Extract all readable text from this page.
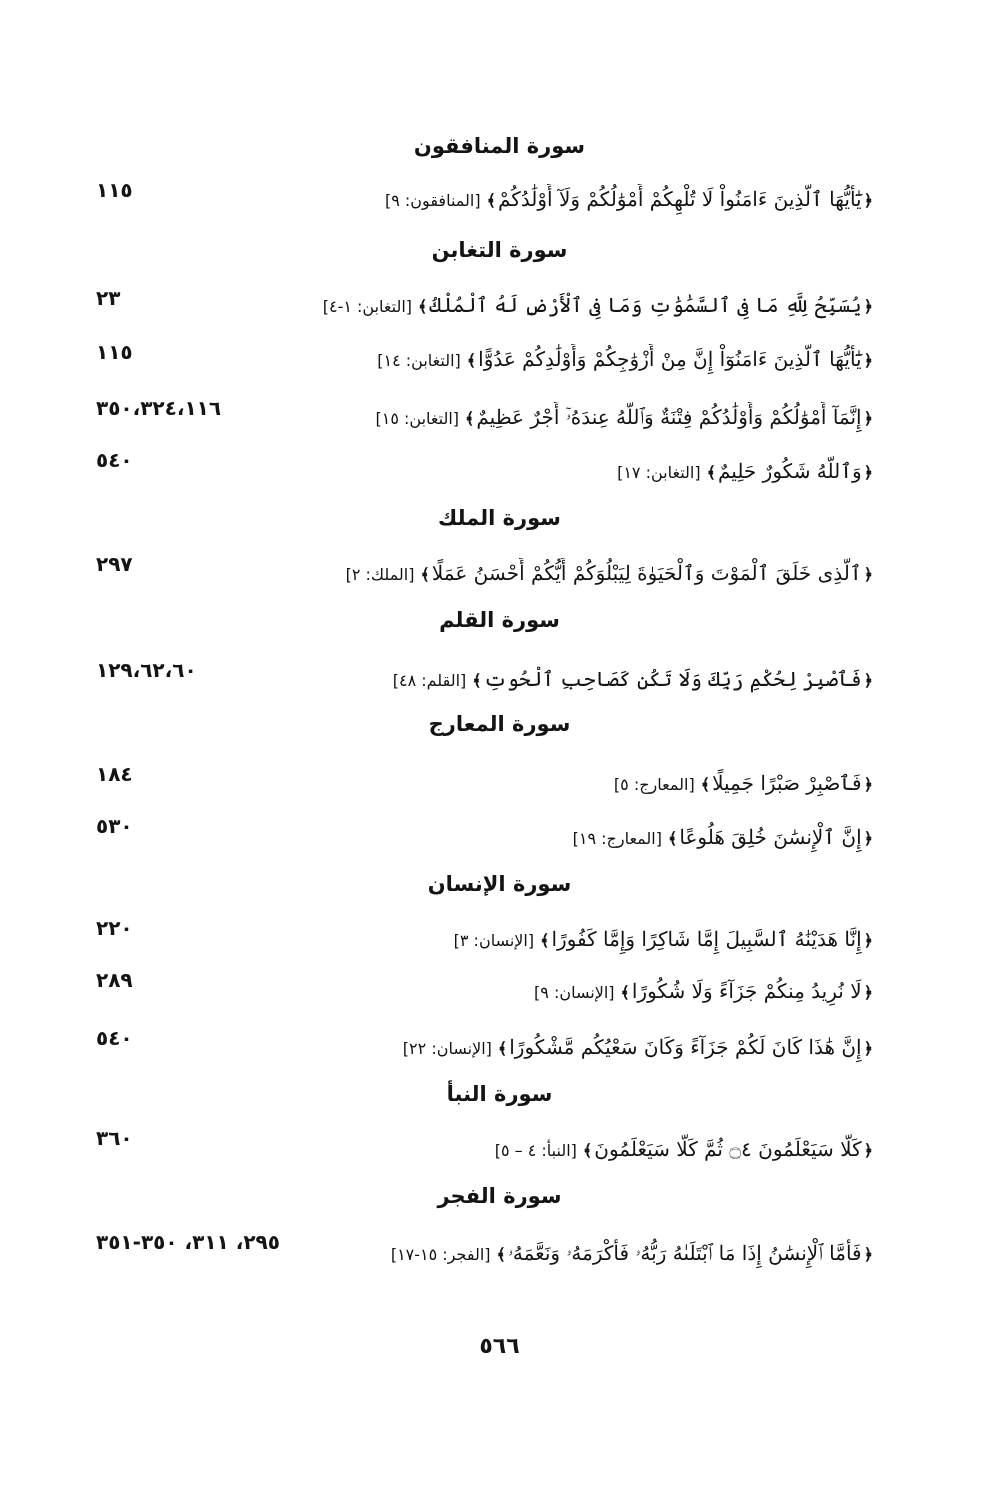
سورة المنافقون
﴿يَٰٓأَيُّهَا ٱلَّذِينَ ءَامَنُواْ لَا تُلْهِكُمْ أَمْوَٰلُكُمْ وَلَآ أَوْلَٰدُكُمْ﴾[المنافقون: ٩]
١١٥
سورة التغابن
﴿يُسَبِّحُ لِلَّهِ مَا فِى ٱلسَّمَٰوَٰتِ وَمَا فِى ٱلْأَرْضِ لَهُ ٱلْمُلْكُ﴾[التغابن: ١-٤]
٢٣
﴿يَٰٓأَيُّهَا ٱلَّذِينَ ءَامَنُوٓاْ إِنَّ مِنْ أَزْوَٰجِكُمْ وَأَوْلَٰدِكُمْ عَدُوًّا﴾[التغابن: ١٤]
١١٥
﴿إِنَّمَآ أَمْوَٰلُكُمْ وَأَوْلَٰدُكُمْ فِتْنَةٌ وَٱللَّهُ عِندَهُۥٓ أَجْرٌ عَظِيمٌ﴾[التغابن: ١٥]
٣٥٠،٣٢٤،١١٦
﴿وَٱللَّهُ شَكُورٌ حَلِيمٌ﴾[التغابن: ١٧]
٥٤٠
سورة الملك
﴿ٱلَّذِى خَلَقَ ٱلْمَوْتَ وَٱلْحَيَوٰةَ لِيَبْلُوَكُمْ أَيُّكُمْ أَحْسَنُ عَمَلًا﴾[الملك: ٢]
٢٩٧
سورة القلم
﴿فَٱصْبِرْ لِحُكْمِ رَبِّكَ وَلَا تَكُن كَصَاحِبِ ٱلْحُوتِ﴾[القلم: ٤٨]
١٢٩،٦٢،٦٠
سورة المعارج
﴿فَٱصْبِرْ صَبْرًا جَمِيلًا﴾[المعارج: ٥]
١٨٤
﴿إِنَّ ٱلْإِنسَٰنَ خُلِقَ هَلُوعًا﴾[المعارج: ١٩]
٥٣٠
سورة الإنسان
﴿إِنَّا هَدَيْنَٰهُ ٱلسَّبِيلَ إِمَّا شَاكِرًا وَإِمَّا كَفُورًا﴾[الإنسان: ٣]
٢٢٠
﴿لَا نُرِيدُ مِنكُمْ جَزَآءً وَلَا شُكُورًا﴾[الإنسان: ٩]
٢٨٩
﴿إِنَّ هَٰذَا كَانَ لَكُمْ جَزَآءً وَكَانَ سَعْيُكُم مَّشْكُورًا﴾[الإنسان: ٢٢]
٥٤٠
سورة النبأ
﴿كَلَّا سَيَعْلَمُونَ ۝٤ ثُمَّ كَلَّا سَيَعْلَمُونَ﴾[النبأ: ٤ – ٥]
٣٦٠
سورة الفجر
﴿فَأَمَّا ٱلْإِنسَٰنُ إِذَا مَا ٱبْتَلَىٰهُ رَبُّهُۥ فَأَكْرَمَهُۥ وَنَعَّمَهُۥ﴾[الفجر: ١٥-١٧]
٢٩٥، ٣١١، ٣٥٠-٣٥١
٥٦٦
